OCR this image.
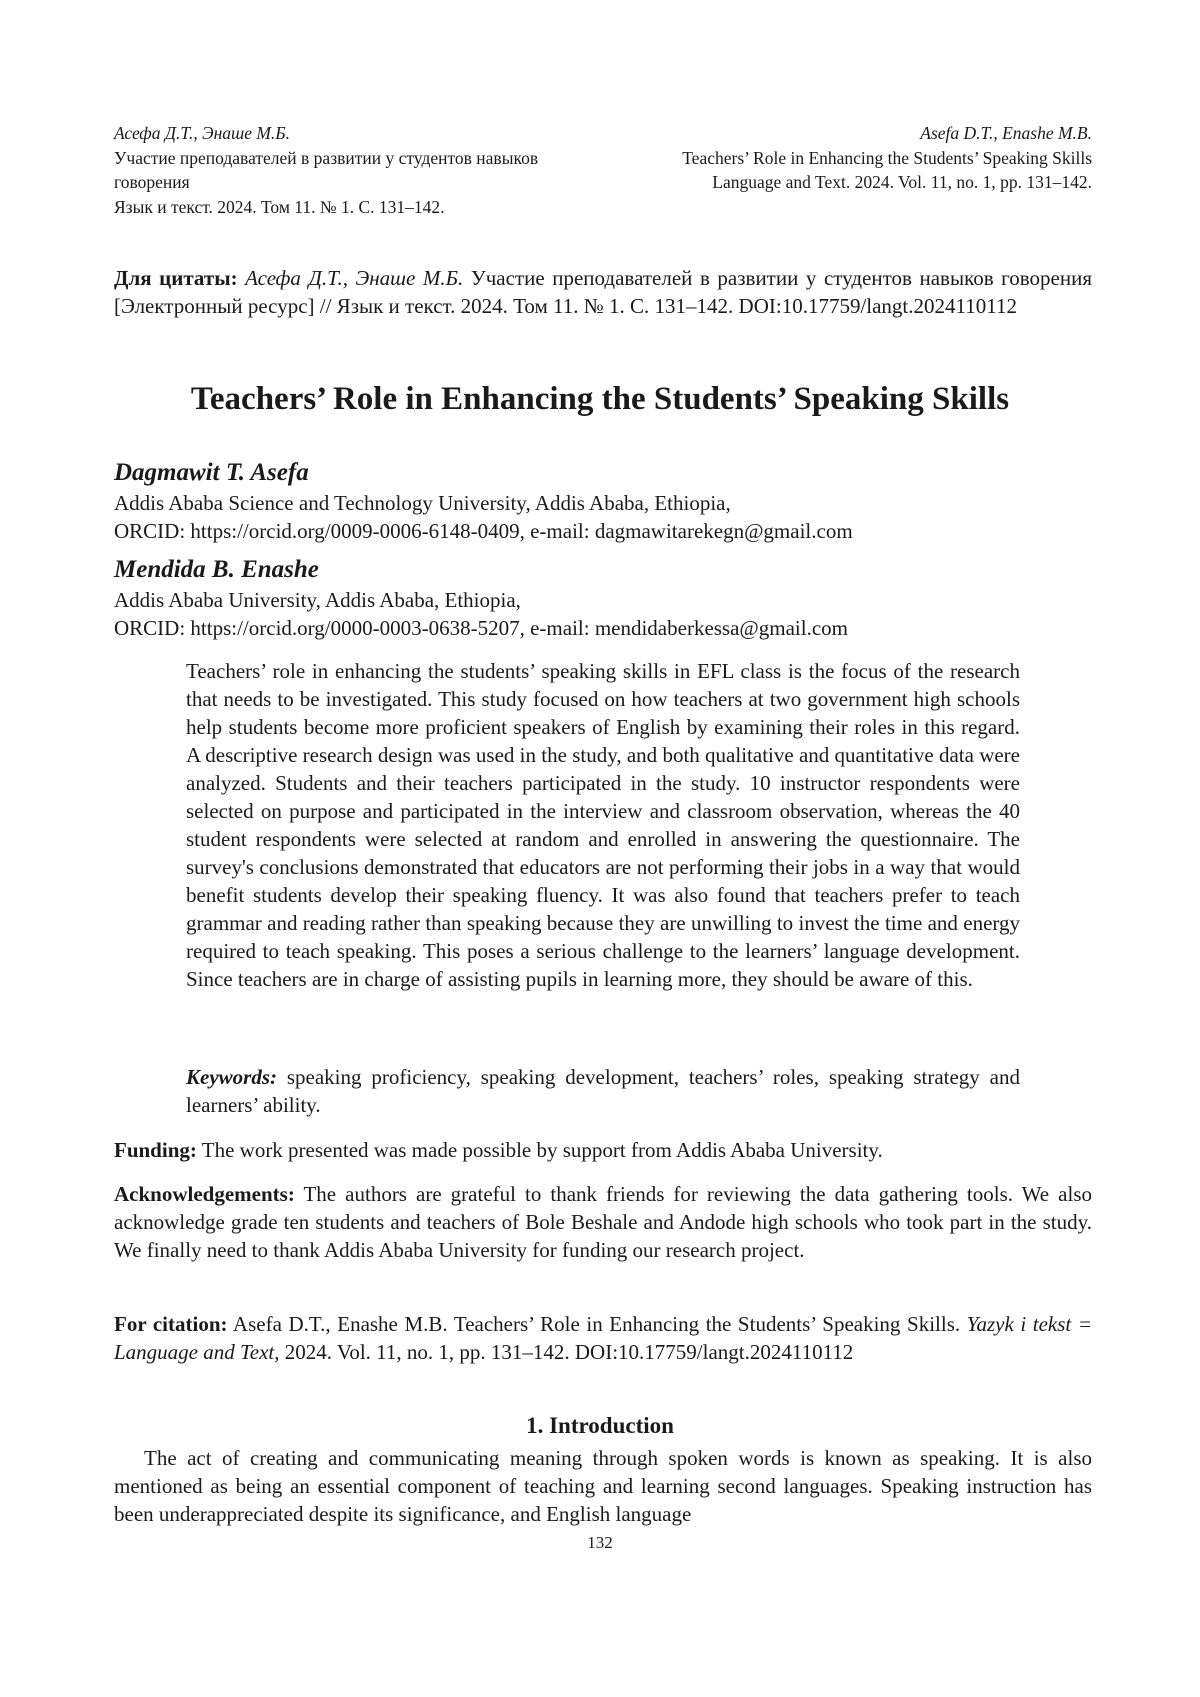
Асефа Д.Т., Энаше М.Б.
Участие преподавателей в развитии у студентов навыков говорения
Язык и текст. 2024. Том 11. № 1. С. 131–142.
Asefa D.T., Enashe M.B.
Teachers’ Role in Enhancing the Students’ Speaking Skills
Language and Text. 2024. Vol. 11, no. 1, pp. 131–142.
Для цитаты: Асефа Д.Т., Энаше М.Б. Участие преподавателей в развитии у студентов навыков говорения [Электронный ресурс] // Язык и текст. 2024. Том 11. № 1. С. 131–142. DOI:10.17759/langt.2024110112
Teachers’ Role in Enhancing the Students’ Speaking Skills
Dagmawit T. Asefa
Addis Ababa Science and Technology University, Addis Ababa, Ethiopia,
ORCID: https://orcid.org/0009-0006-6148-0409, e-mail: dagmawitarekegn@gmail.com
Mendida B. Enashe
Addis Ababa University, Addis Ababa, Ethiopia,
ORCID: https://orcid.org/0000-0003-0638-5207, e-mail: mendidaberkessa@gmail.com
Teachers’ role in enhancing the students’ speaking skills in EFL class is the focus of the research that needs to be investigated. This study focused on how teachers at two government high schools help students become more proficient speakers of English by examining their roles in this regard. A descriptive research design was used in the study, and both qualitative and quantitative data were analyzed. Students and their teachers participated in the study. 10 instructor respondents were selected on purpose and participated in the interview and classroom observation, whereas the 40 student respondents were selected at random and enrolled in answering the questionnaire. The survey's conclusions demonstrated that educators are not performing their jobs in a way that would benefit students develop their speaking fluency. It was also found that teachers prefer to teach grammar and reading rather than speaking because they are unwilling to invest the time and energy required to teach speaking. This poses a serious challenge to the learners’ language development. Since teachers are in charge of assisting pupils in learning more, they should be aware of this.
Keywords: speaking proficiency, speaking development, teachers’ roles, speaking strategy and learners’ ability.
Funding: The work presented was made possible by support from Addis Ababa University.
Acknowledgements: The authors are grateful to thank friends for reviewing the data gathering tools. We also acknowledge grade ten students and teachers of Bole Beshale and Andode high schools who took part in the study. We finally need to thank Addis Ababa University for funding our research project.
For citation: Asefa D.T., Enashe M.B. Teachers’ Role in Enhancing the Students’ Speaking Skills. Yazyk i tekst = Language and Text, 2024. Vol. 11, no. 1, pp. 131–142. DOI:10.17759/langt.2024110112
1. Introduction
The act of creating and communicating meaning through spoken words is known as speaking. It is also mentioned as being an essential component of teaching and learning second languages. Speaking instruction has been underappreciated despite its significance, and English language
132
